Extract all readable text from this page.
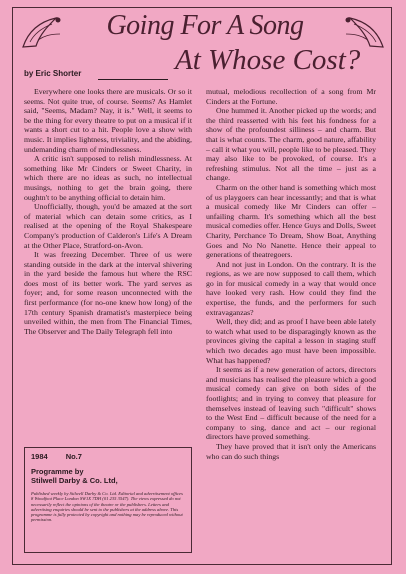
Going For A Song
At Whose Cost?
by Eric Shorter

Everywhere one looks there are musicals. Or so it seems. Not quite true, of course. Seems? As Hamlet said, "Seems, Madam? Nay, it is." Well, it seems to be the thing for every theatre to put on a musical if it wants a short cut to a hit. People love a show with music. It implies lightness, triviality, and the abiding, undemanding charm of mindlessness.

A critic isn't supposed to relish mindlessness. At something like Mr Cinders or Sweet Charity, in which there are no ideas as such, no intellectual musings, nothing to get the brain going, there oughtn't to be anything official to detain him.

Unofficially, though, you'd be amazed at the sort of material which can detain some critics, as I realised at the opening of the Royal Shakespeare Company's production of Calderon's Life's A Dream at the Other Place, Stratford-on-Avon.

It was freezing December. Three of us were standing outside in the dark at the interval shivering in the yard beside the famous hut where the RSC does most of its better work. The yard serves as foyer; and, for some reason unconnected with the first performance (for no-one knew how long) of the 17th century Spanish dramatist's masterpiece being unveiled within, the men from The Financial Times, The Observer and The Daily Telegraph fell into

mutual, melodious recollection of a song from Mr Cinders at the Fortune.

One hummed it. Another picked up the words; and the third reasserted with his feet his fondness for a show of the profoundest silliness – and charm. But that is what counts. The charm, good nature, affability – call it what you will, people like to be pleased. They may also like to be provoked, of course. It's a refreshing stimulus. Not all the time – just as a change.

Charm on the other hand is something which most of us playgoers can hear incessantly; and that is what a musical comedy like Mr Cinders can offer – unfailing charm. It's something which all the best musical comedies offer. Hence Guys and Dolls, Sweet Charity, Perchance To Dream, Show Boat, Anything Goes and No No Nanette. Hence their appeal to generations of theatregoers.

And not just in London. On the contrary. It is the regions, as we are now supposed to call them, which go in for musical comedy in a way that would once have looked very rash. How could they find the expertise, the funds, and the performers for such extravaganzas?

Well, they did; and as proof I have been able lately to watch what used to be disparagingly known as the provinces giving the capital a lesson in staging stuff which two decades ago must have been impossible. What has happened?

It seems as if a new generation of actors, directors and musicians has realised the pleasure which a good musical comedy can give on both sides of the footlights; and in trying to convey that pleasure for themselves instead of leaving such "difficult" shows to the West End – difficult because of the need for a company to sing, dance and act – our regional directors have proved something.

They have proved that it isn't only the Americans who can do such things

1984 No.7
Programme by
Stilwell Darby & Co. Ltd,
Published weekly by Stilwell Darby & Co. Ltd. Editorial and advertisement offices 8 Woodfoot Place London SW1X 7DH (01 235 3547). The views expressed do not necessarily reflect the opinions of the theatre or the publishers. Letters and advertising enquiries should be sent to the publishers at the address above. This programme is fully protected by copyright and nothing may be reproduced without permission.
